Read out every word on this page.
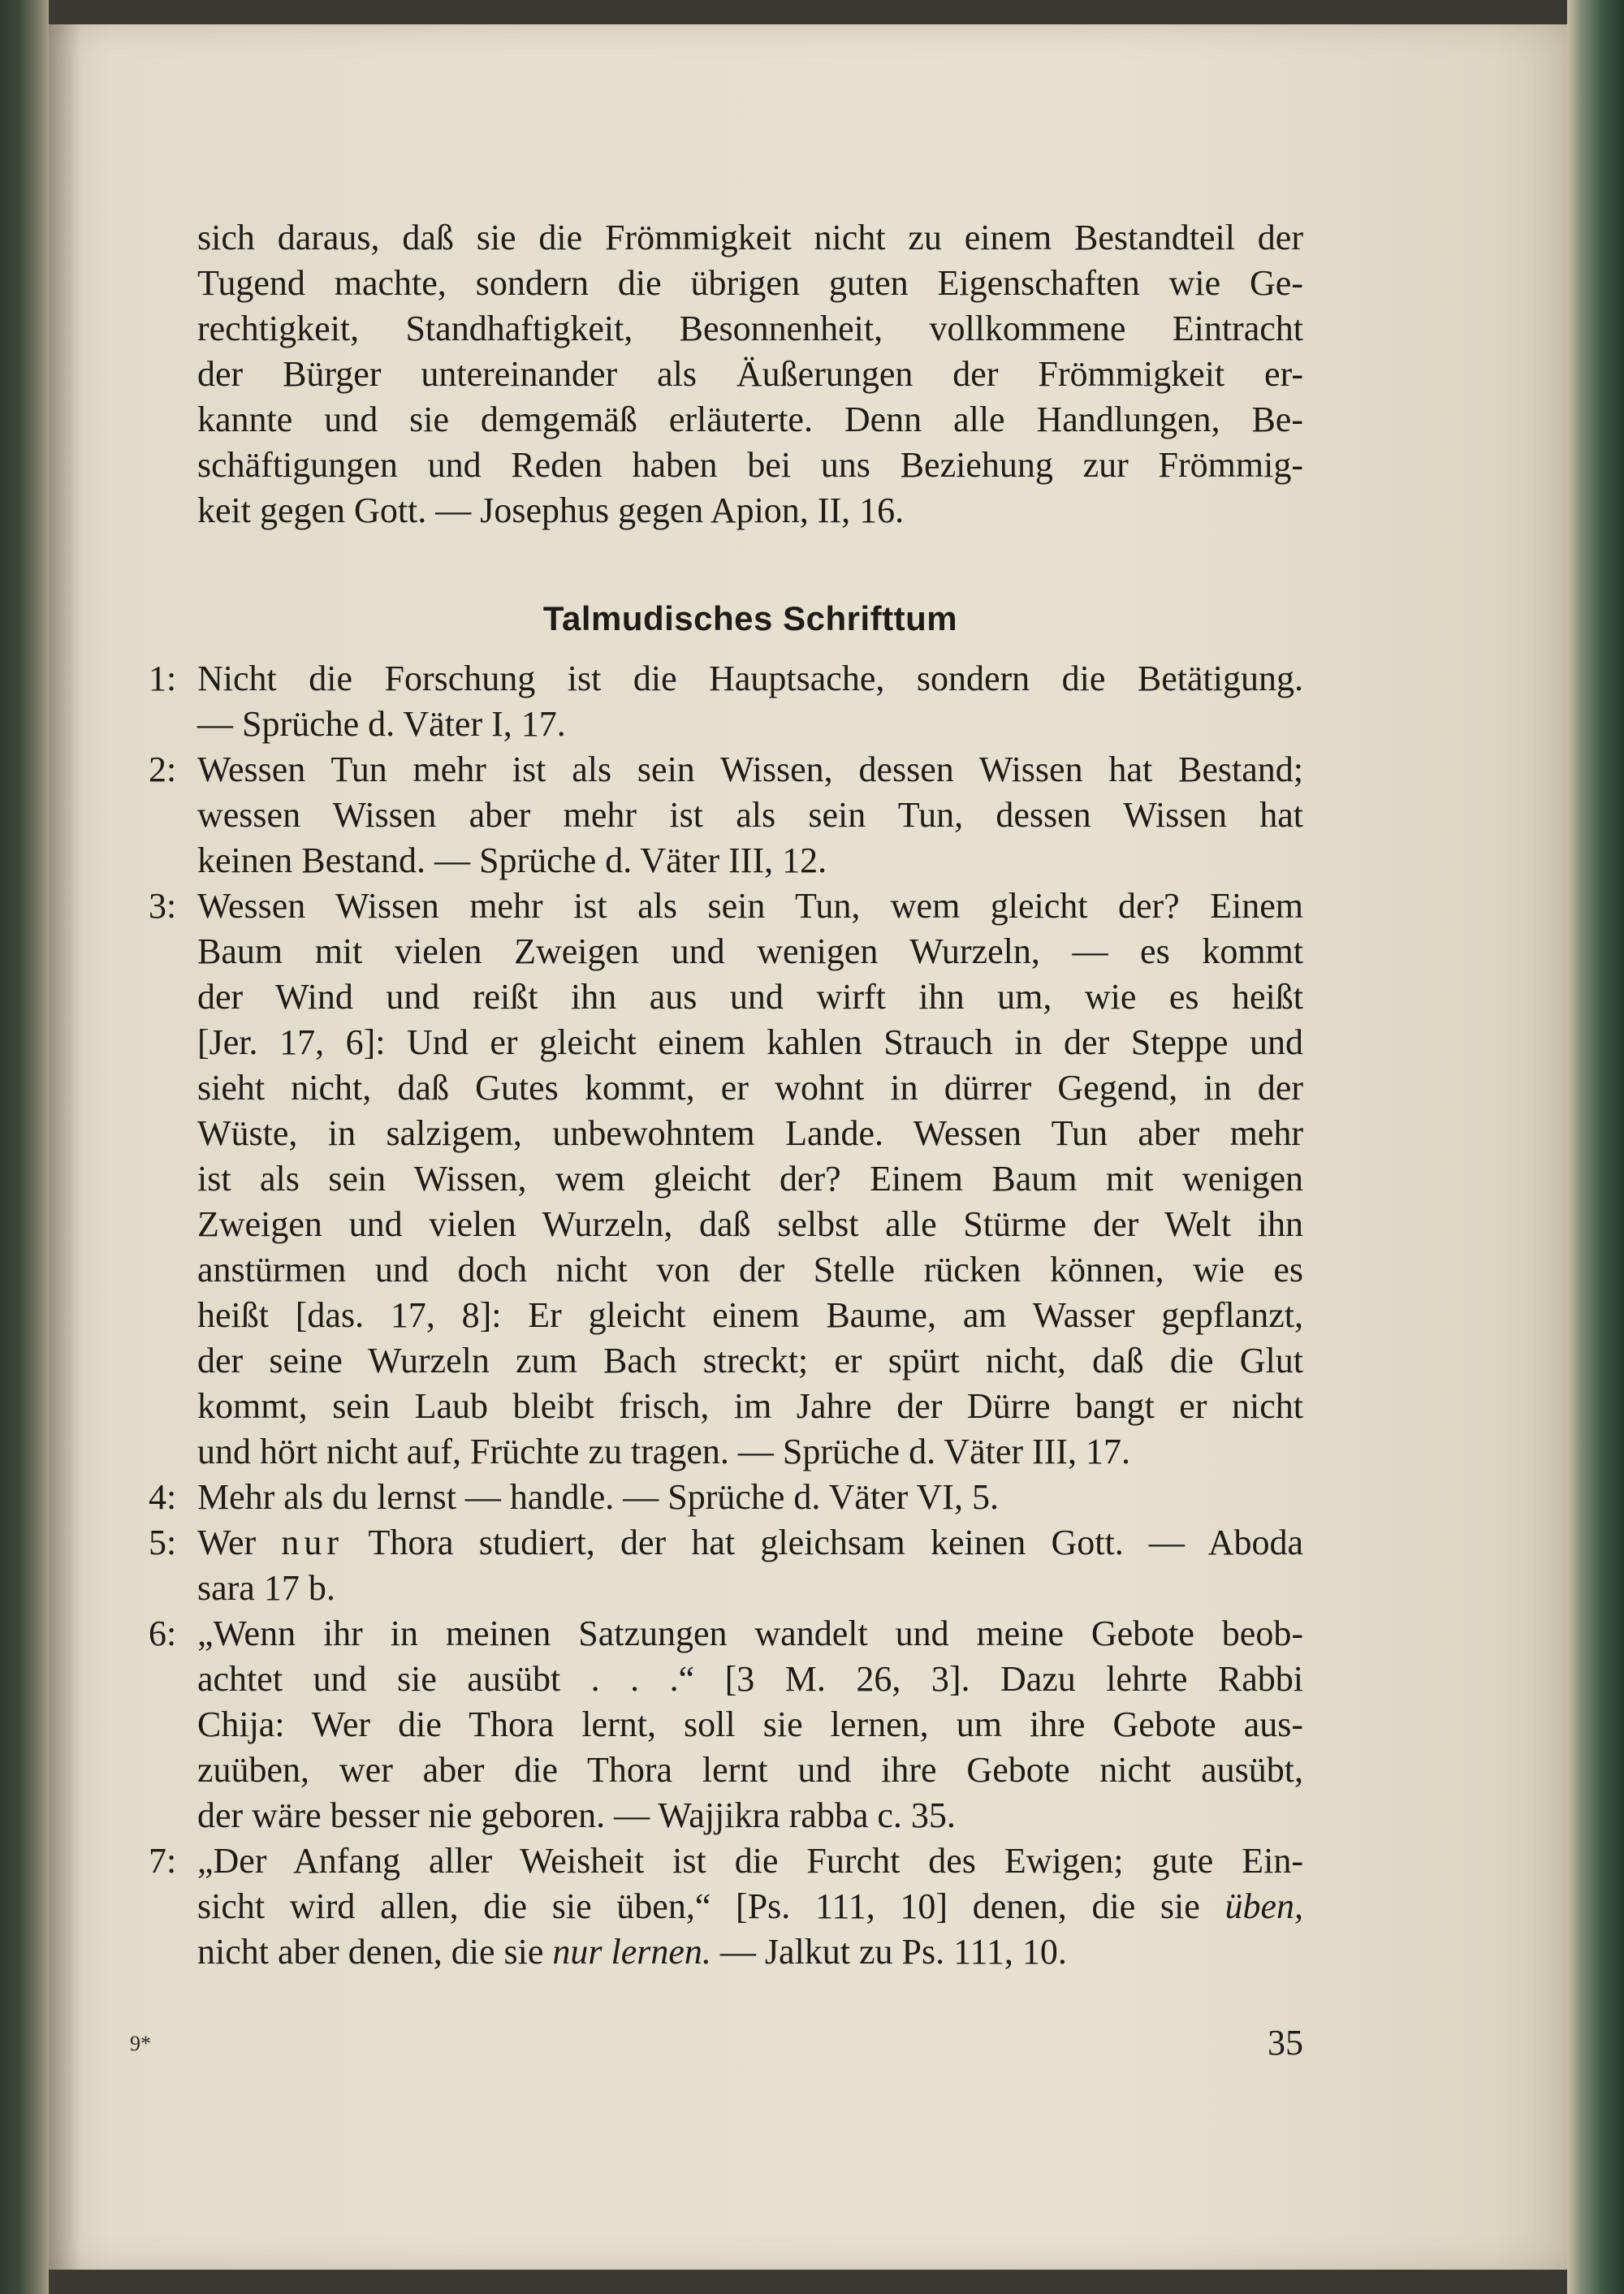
sich daraus, daß sie die Frömmigkeit nicht zu einem Bestandteil der
Tugend machte, sondern die übrigen guten Eigenschaften wie Ge-
rechtigkeit, Standhaftigkeit, Besonnenheit, vollkommene Eintracht
der Bürger untereinander als Äußerungen der Frömmigkeit er-
kannte und sie demgemäß erläuterte. Denn alle Handlungen, Be-
schäftigungen und Reden haben bei uns Beziehung zur Frömmig-
keit gegen Gott. — Josephus gegen Apion, II, 16.
Talmudisches Schrifttum
1: Nicht die Forschung ist die Hauptsache, sondern die Betätigung.
— Sprüche d. Väter I, 17.
2: Wessen Tun mehr ist als sein Wissen, dessen Wissen hat Bestand;
wessen Wissen aber mehr ist als sein Tun, dessen Wissen hat
keinen Bestand. — Sprüche d. Väter III, 12.
3: Wessen Wissen mehr ist als sein Tun, wem gleicht der? Einem
Baum mit vielen Zweigen und wenigen Wurzeln, — es kommt
der Wind und reißt ihn aus und wirft ihn um, wie es heißt
[Jer. 17, 6]: Und er gleicht einem kahlen Strauch in der Steppe und
sieht nicht, daß Gutes kommt, er wohnt in dürrer Gegend, in der
Wüste, in salzigem, unbewohntem Lande. Wessen Tun aber mehr
ist als sein Wissen, wem gleicht der? Einem Baum mit wenigen
Zweigen und vielen Wurzeln, daß selbst alle Stürme der Welt ihn
anstürmen und doch nicht von der Stelle rücken können, wie es
heißt [das. 17, 8]: Er gleicht einem Baume, am Wasser gepflanzt,
der seine Wurzeln zum Bach streckt; er spürt nicht, daß die Glut
kommt, sein Laub bleibt frisch, im Jahre der Dürre bangt er nicht
und hört nicht auf, Früchte zu tragen. — Sprüche d. Väter III, 17.
4: Mehr als du lernst — handle. — Sprüche d. Väter VI, 5.
5: Wer nur Thora studiert, der hat gleichsam keinen Gott. — Aboda
sara 17 b.
6: „Wenn ihr in meinen Satzungen wandelt und meine Gebote beob-
achtet und sie ausübt . . .“ [3 M. 26, 3]. Dazu lehrte Rabbi
Chija: Wer die Thora lernt, soll sie lernen, um ihre Gebote aus-
zuüben, wer aber die Thora lernt und ihre Gebote nicht ausübt,
der wäre besser nie geboren. — Wajjikra rabba c. 35.
7: „Der Anfang aller Weisheit ist die Furcht des Ewigen; gute Ein-
sicht wird allen, die sie üben,“ [Ps. 111, 10] denen, die sie üben,
nicht aber denen, die sie nur lernen. — Jalkut zu Ps. 111, 10.
9*	35
